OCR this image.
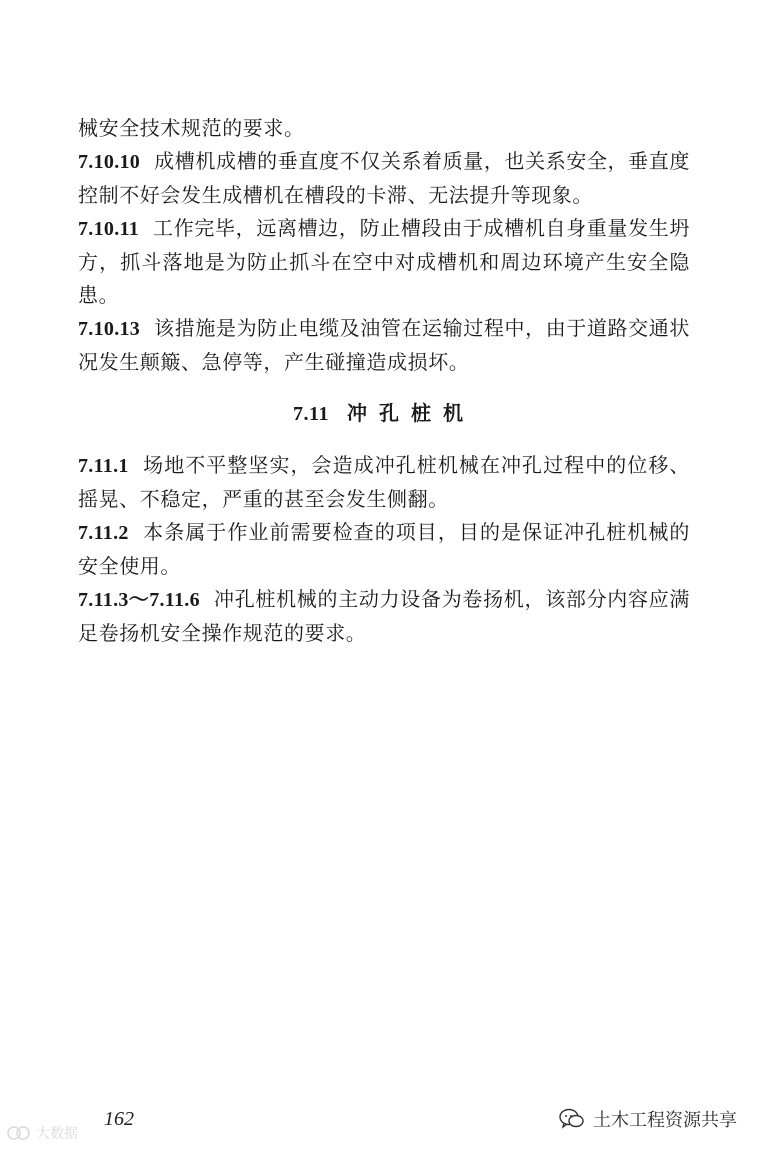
械安全技术规范的要求。

7.10.10 成槽机成槽的垂直度不仅关系着质量，也关系安全，垂直度控制不好会发生成槽机在槽段的卡滞、无法提升等现象。

7.10.11 工作完毕，远离槽边，防止槽段由于成槽机自身重量发生坍方，抓斗落地是为防止抓斗在空中对成槽机和周边环境产生安全隐患。

7.10.13 该措施是为防止电缆及油管在运输过程中，由于道路交通状况发生颠簸、急停等，产生碰撞造成损坏。

7.11 冲孔桩机

7.11.1 场地不平整坚实，会造成冲孔桩机械在冲孔过程中的位移、摇晃、不稳定，严重的甚至会发生侧翻。

7.11.2 本条属于作业前需要检查的项目，目的是保证冲孔桩机械的安全使用。

7.11.3～7.11.6 冲孔桩机械的主动力设备为卷扬机，该部分内容应满足卷扬机安全操作规范的要求。

162
大数据
土木工程资源共享
